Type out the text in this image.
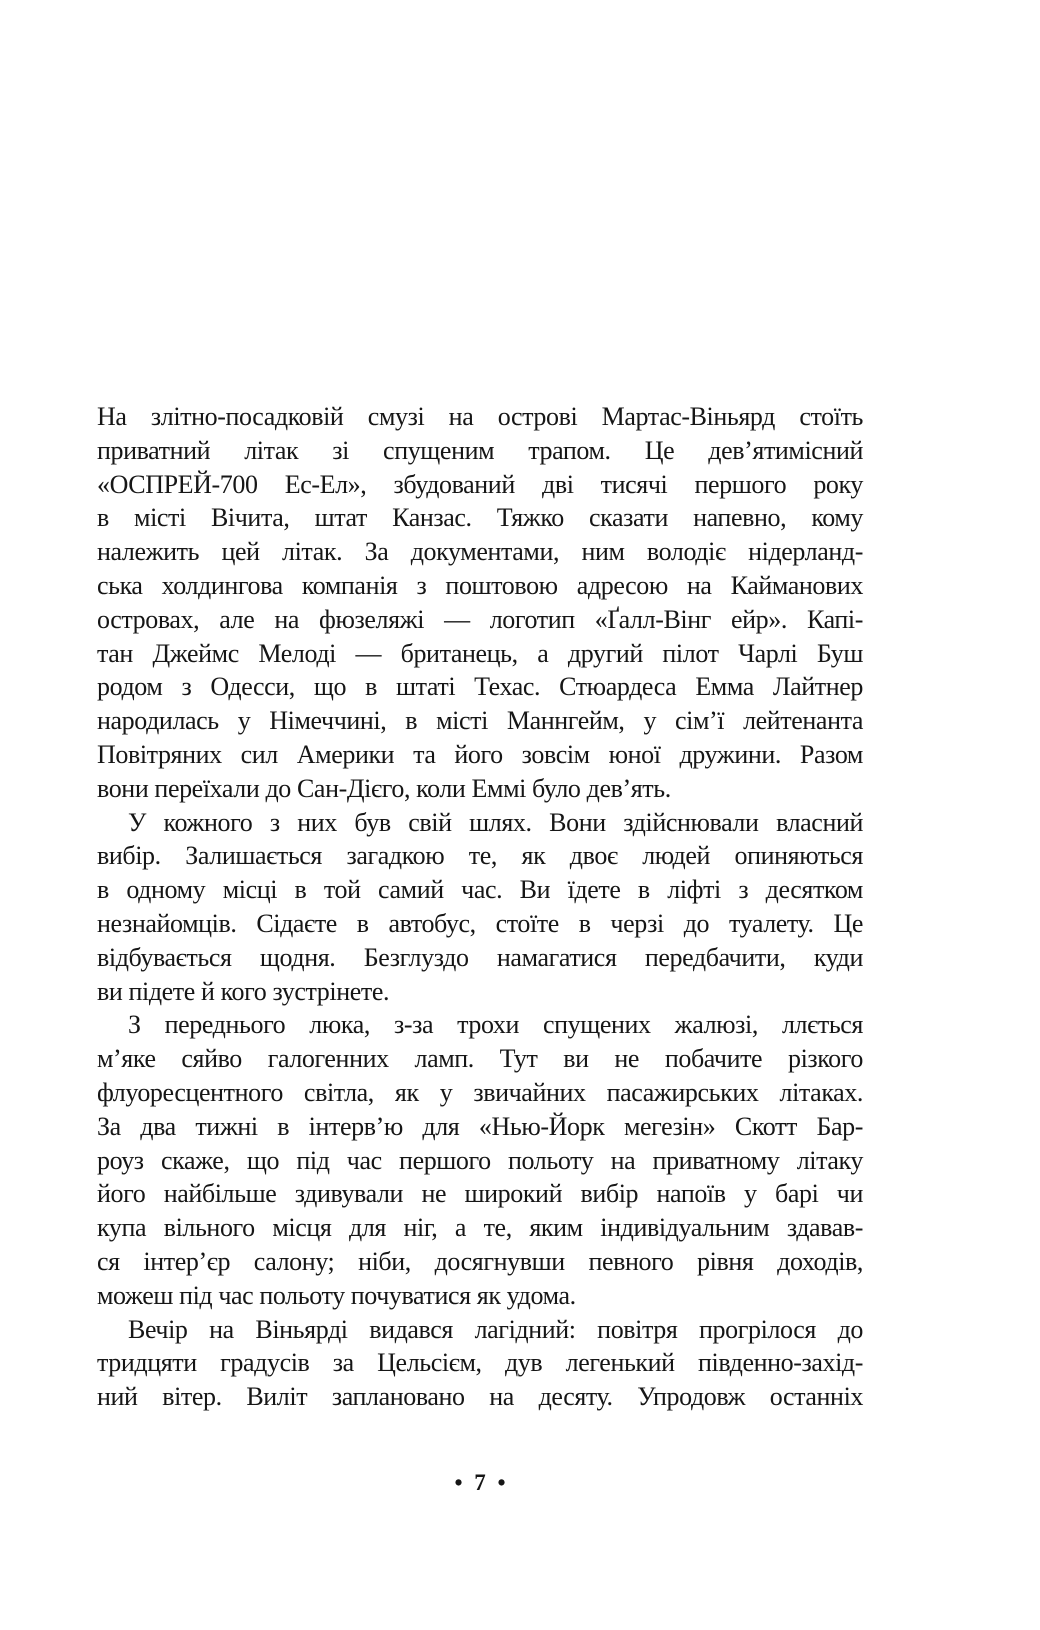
На злітно-посадковій смузі на острові Мартас-Віньярд стоїть
приватний літак зі спущеним трапом. Це дев’ятимісний
«ОСПРЕЙ-700 Ес-Ел», збудований дві тисячі першого року
в місті Вічита, штат Канзас. Тяжко сказати напевно, кому
належить цей літак. За документами, ним володіє нідерланд-
ська холдингова компанія з поштовою адресою на Кайманових
островах, але на фюзеляжі — логотип «Ґалл-Вінг ейр». Капі-
тан Джеймс Мелоді — британець, а другий пілот Чарлі Буш
родом з Одесси, що в штаті Техас. Стюардеса Емма Лайтнер
народилась у Німеччині, в місті Маннгейм, у сім’ї лейтенанта
Повітряних сил Америки та його зовсім юної дружини. Разом
вони переїхали до Сан-Дієго, коли Еммі було дев’ять.
У кожного з них був свій шлях. Вони здійснювали власний
вибір. Залишається загадкою те, як двоє людей опиняються
в одному місці в той самий час. Ви їдете в ліфті з десятком
незнайомців. Сідаєте в автобус, стоїте в черзі до туалету. Це
відбувається щодня. Безглуздо намагатися передбачити, куди
ви підете й кого зустрінете.
З переднього люка, з-за трохи спущених жалюзі, ллється
м’яке сяйво галогенних ламп. Тут ви не побачите різкого
флуоресцентного світла, як у звичайних пасажирських літаках.
За два тижні в інтерв’ю для «Нью-Йорк мегезін» Скотт Бар-
роуз скаже, що під час першого польоту на приватному літаку
його найбільше здивували не широкий вибір напоїв у барі чи
купа вільного місця для ніг, а те, яким індивідуальним здавав-
ся інтер’єр салону; ніби, досягнувши певного рівня доходів,
можеш під час польоту почуватися як удома.
Вечір на Віньярді видався лагідний: повітря прогрілося до
тридцяти градусів за Цельсієм, дув легенький південно-захід-
ний вітер. Виліт заплановано на десяту. Упродовж останніх
• 7 •
